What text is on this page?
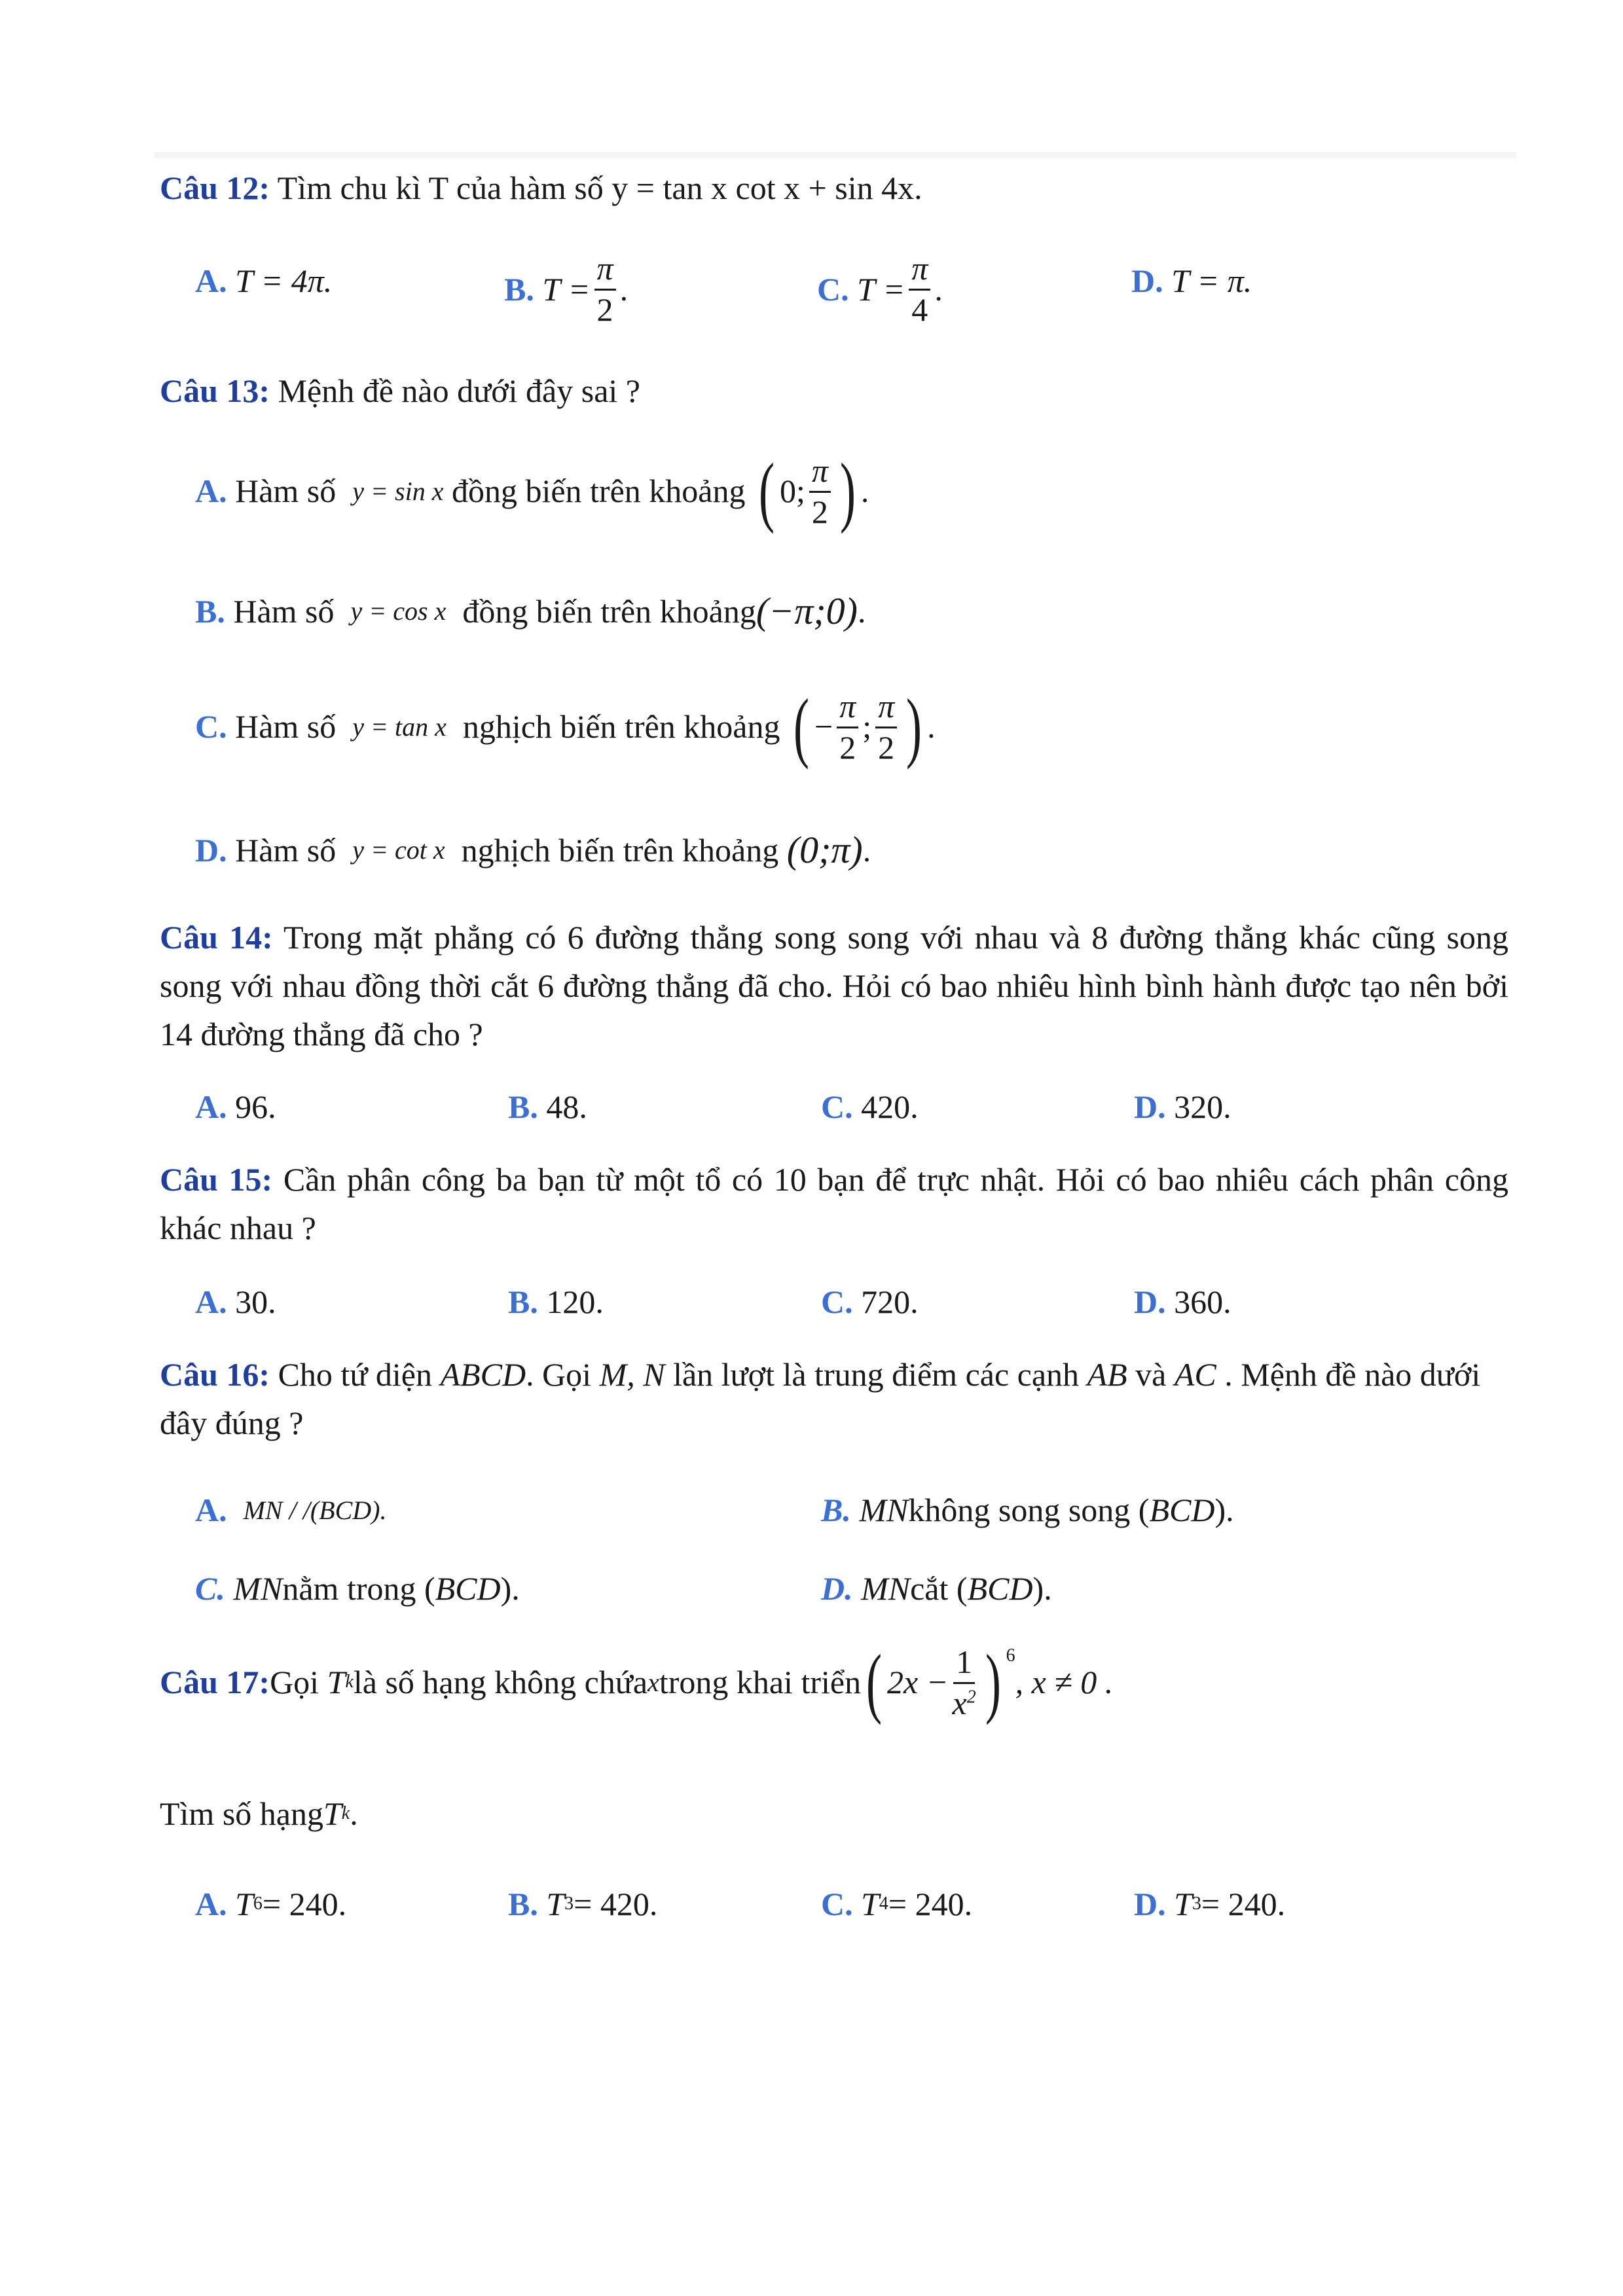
Câu 12: Tìm chu kì T của hàm số y = tan x cot x + sin 4x.
A.
T = 4π.	B.
$T = \frac{\pi}{2}$ .	C.
$T = \frac{\pi}{4}$ .	D.
T = π.
Câu 13: Mệnh đề nào dưới đây sai ?
A.
Hàm số
y = sin x
đồng biến trên khoảng
( 0; $\frac{\pi}{2}$ ) .
B.
Hàm số
y = cos x
đồng biến trên khoảng (−π;0) .
C.
Hàm số
y = tan x
nghịch biến trên khoảng
( − $\frac{\pi}{2}$ ; $\frac{\pi}{2}$ ) .
D.
Hàm số
y = cot x
nghịch biến trên khoảng
(0;π) .
Câu 14: Trong mặt phẳng có 6 đường thẳng song song với nhau và 8 đường thẳng khác cũng song song với nhau đồng thời cắt 6 đường thẳng đã cho. Hỏi có bao nhiêu hình bình hành được tạo nên bởi 14 đường thẳng đã cho ?
A.
96.	B.
48.	C.
420.	D.
320.
Câu 15: Cần phân công ba bạn từ một tổ có 10 bạn để trực nhật. Hỏi có bao nhiêu cách phân công khác nhau ?
A.
30.	B.
120.	C.
720.	D.
360.
Câu 16: Cho tứ diện ABCD. Gọi M, N lần lượt là trung điểm các cạnh AB và AC . Mệnh đề nào dưới đây đúng ?
A.
MN / /(BCD).	B.
MN không song song ( BCD ).
C.
MN nằm trong ( BCD ).	D.
MN cắt ( BCD ).
Câu 17: Gọi
T k là số hạng không chứa x trong khai triển ( $2x - \frac{1}{x^2}$ ) $^6$
, x ≠ 0 .
Tìm số hạng T k .
A.
T 6 = 240.	B.
T 3 = 420.	C.
T 4 = 240.	D.
T 3 = 240.
